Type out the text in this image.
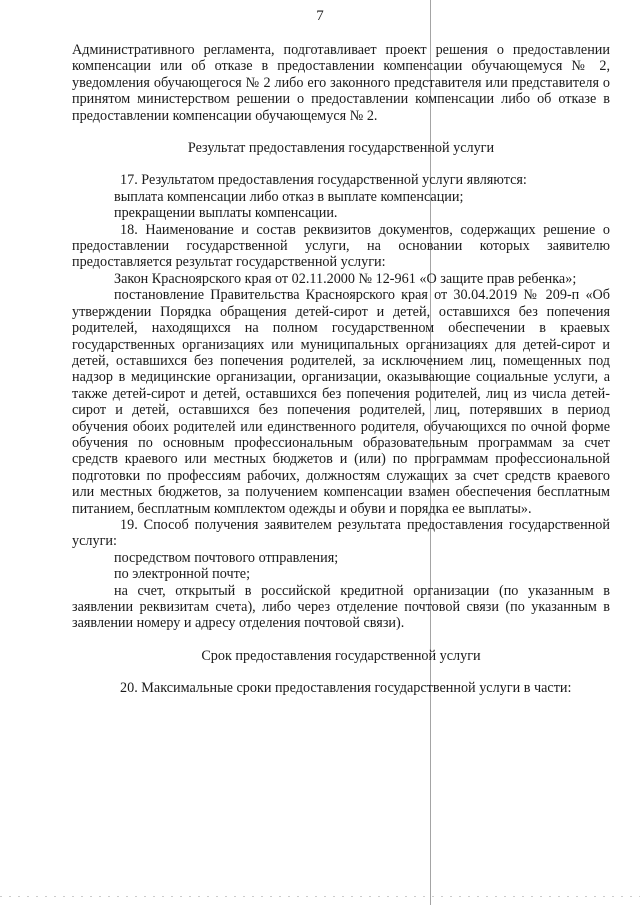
7

Административного регламента, подготавливает проект решения о предоставлении компенсации или об отказе в предоставлении компенсации обучающемуся № 2, уведомления обучающегося № 2 либо его законного представителя или представителя о принятом министерством решении о предоставлении компенсации либо об отказе в предоставлении компенсации обучающемуся № 2.

Результат предоставления государственной услуги

17. Результатом предоставления государственной услуги являются:

выплата компенсации либо отказ в выплате компенсации;

прекращении выплаты компенсации.

18. Наименование и состав реквизитов документов, содержащих решение о предоставлении государственной услуги, на основании которых заявителю предоставляется результат государственной услуги:

Закон Красноярского края от 02.11.2000 № 12-961 «О защите прав ребенка»;

постановление Правительства Красноярского края от 30.04.2019 № 209-п «Об утверждении Порядка обращения детей-сирот и детей, оставшихся без попечения родителей, находящихся на полном государственном обеспечении в краевых государственных организациях или муниципальных организациях для детей-сирот и детей, оставшихся без попечения родителей, за исключением лиц, помещенных под надзор в медицинские организации, организации, оказывающие социальные услуги, а также детей-сирот и детей, оставшихся без попечения родителей, лиц из числа детей-сирот и детей, оставшихся без попечения родителей, лиц, потерявших в период обучения обоих родителей или единственного родителя, обучающихся по очной форме обучения по основным профессиональным образовательным программам за счет средств краевого или местных бюджетов и (или) по программам профессиональной подготовки по профессиям рабочих, должностям служащих за счет средств краевого или местных бюджетов, за получением компенсации взамен обеспечения бесплатным питанием, бесплатным комплектом одежды и обуви и порядка ее выплаты».

19. Способ получения заявителем результата предоставления государственной услуги:

посредством почтового отправления;

по электронной почте;

на счет, открытый в российской кредитной организации (по указанным в заявлении реквизитам счета), либо через отделение почтовой связи (по указанным в заявлении номеру и адресу отделения почтовой связи).

Срок предоставления государственной услуги

20. Максимальные сроки предоставления государственной услуги в части:
